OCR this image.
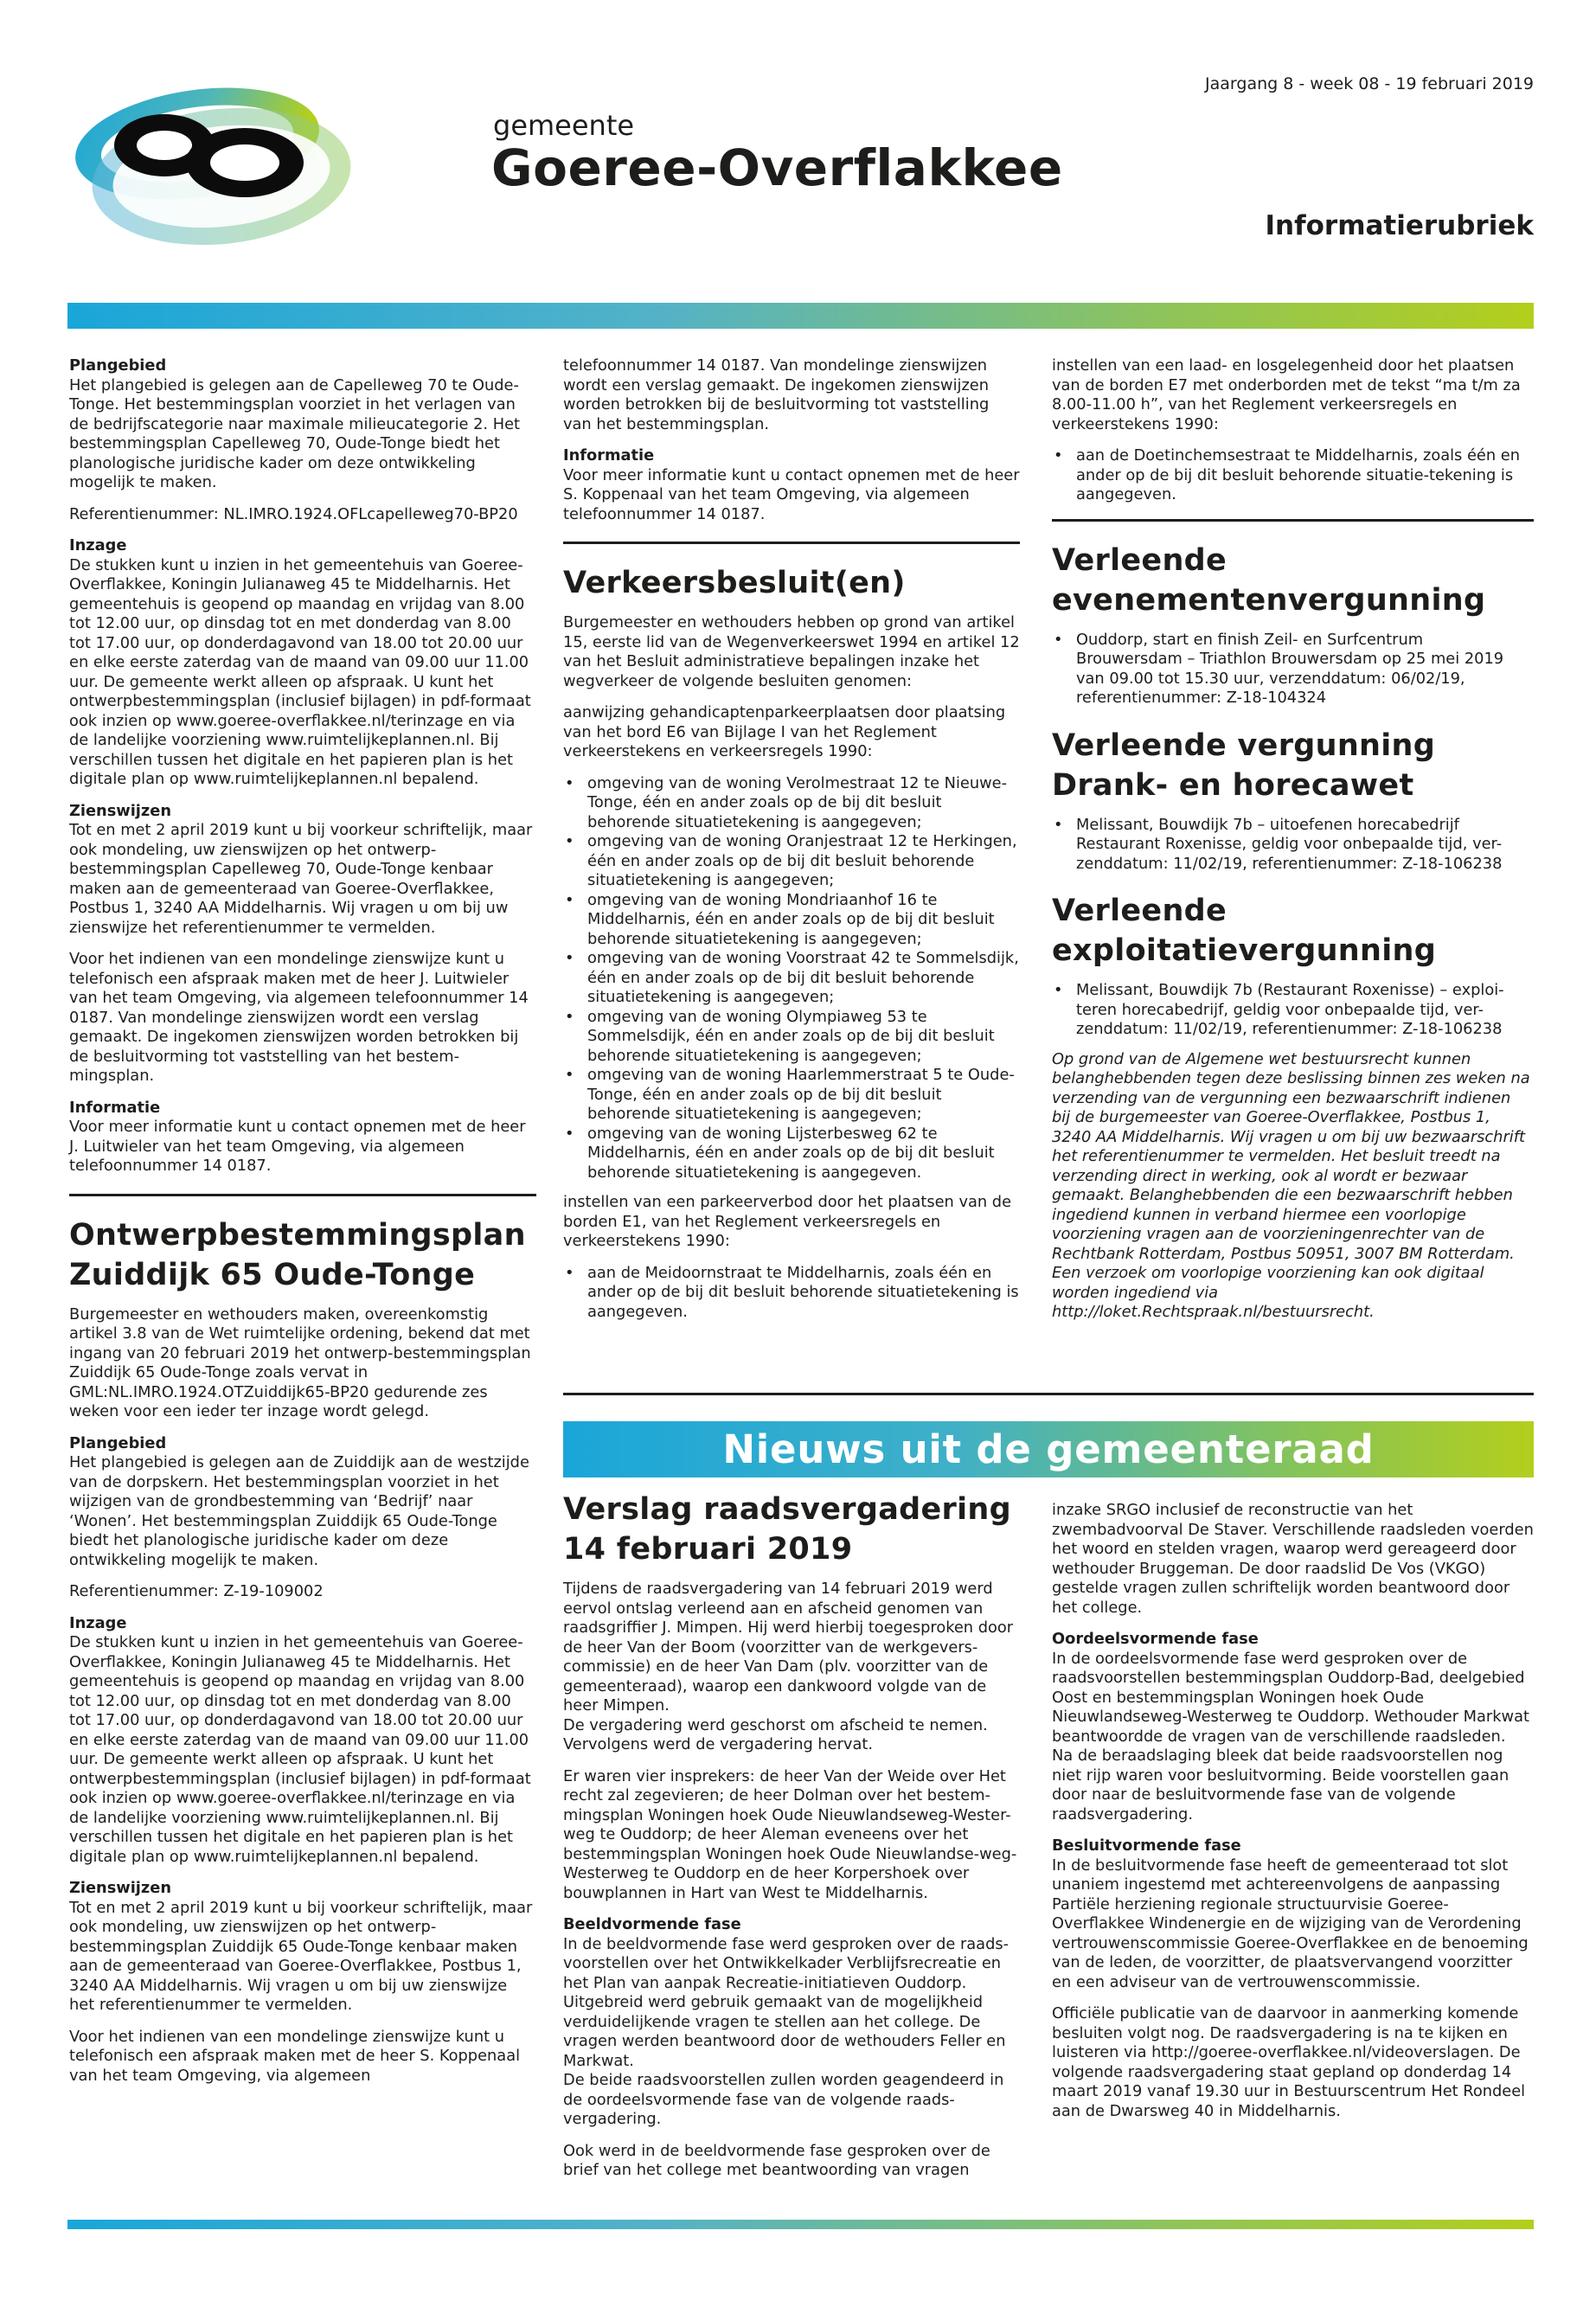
gemeente
Goeree-Overflakkee
Jaargang 8 - week 08 - 19 februari 2019
Informatierubriek

Plangebied
Het plangebied is gelegen aan de Capelleweg 70 te Oude-Tonge. Het bestemmingsplan voorziet in het verlagen van de bedrijfscategorie naar maximale milieucategorie 2. Het bestemmingsplan Capelleweg 70, Oude-Tonge biedt het planologische juridische kader om deze ontwikkeling mogelijk te maken.

Referentienummer: NL.IMRO.1924.OFLcapelleweg70-BP20

Inzage
De stukken kunt u inzien in het gemeentehuis van Goeree-Overflakkee, Koningin Julianaweg 45 te Middelharnis. Het gemeentehuis is geopend op maandag en vrijdag van 8.00 tot 12.00 uur, op dinsdag tot en met donderdag van 8.00 tot 17.00 uur, op donderdagavond van 18.00 tot 20.00 uur en elke eerste zaterdag van de maand van 09.00 uur 11.00 uur. De gemeente werkt alleen op afspraak. U kunt het ontwerpbestemmingsplan (inclusief bijlagen) in pdf-formaat ook inzien op www.goeree-overflakkee.nl/terinzage en via de landelijke voorziening www.ruimtelijkeplannen.nl. Bij verschillen tussen het digitale en het papieren plan is het digitale plan op www.ruimtelijkeplannen.nl bepalend.

Zienswijzen
Tot en met 2 april 2019 kunt u bij voorkeur schriftelijk, maar ook mondeling, uw zienswijzen op het ontwerp-bestemmingsplan Capelleweg 70, Oude-Tonge kenbaar maken aan de gemeenteraad van Goeree-Overflakkee, Postbus 1, 3240 AA Middelharnis. Wij vragen u om bij uw zienswijze het referentienummer te vermelden.

Voor het indienen van een mondelinge zienswijze kunt u telefonisch een afspraak maken met de heer J. Luitwieler van het team Omgeving, via algemeen telefoonnummer 14 0187. Van mondelinge zienswijzen wordt een verslag gemaakt. De ingekomen zienswijzen worden betrokken bij de besluitvorming tot vaststelling van het bestem-mingsplan.

Informatie
Voor meer informatie kunt u contact opnemen met de heer J. Luitwieler van het team Omgeving, via algemeen telefoonnummer 14 0187.

Ontwerpbestemmingsplan Zuiddijk 65 Oude-Tonge

Burgemeester en wethouders maken, overeenkomstig artikel 3.8 van de Wet ruimtelijke ordening, bekend dat met ingang van 20 februari 2019 het ontwerp-bestemmingsplan Zuiddijk 65 Oude-Tonge zoals vervat in GML:NL.IMRO.1924.OTZuiddijk65-BP20 gedurende zes weken voor een ieder ter inzage wordt gelegd.

Plangebied
Het plangebied is gelegen aan de Zuiddijk aan de westzijde van de dorpskern. Het bestemmingsplan voorziet in het wijzigen van de grondbestemming van ‘Bedrijf’ naar ‘Wonen’. Het bestemmingsplan Zuiddijk 65 Oude-Tonge biedt het planologische juridische kader om deze ontwikkeling mogelijk te maken.

Referentienummer: Z-19-109002

Inzage
De stukken kunt u inzien in het gemeentehuis van Goeree-Overflakkee, Koningin Julianaweg 45 te Middelharnis. Het gemeentehuis is geopend op maandag en vrijdag van 8.00 tot 12.00 uur, op dinsdag tot en met donderdag van 8.00 tot 17.00 uur, op donderdagavond van 18.00 tot 20.00 uur en elke eerste zaterdag van de maand van 09.00 uur 11.00 uur. De gemeente werkt alleen op afspraak. U kunt het ontwerpbestemmingsplan (inclusief bijlagen) in pdf-formaat ook inzien op www.goeree-overflakkee.nl/terinzage en via de landelijke voorziening www.ruimtelijkeplannen.nl. Bij verschillen tussen het digitale en het papieren plan is het digitale plan op www.ruimtelijkeplannen.nl bepalend.

Zienswijzen
Tot en met 2 april 2019 kunt u bij voorkeur schriftelijk, maar ook mondeling, uw zienswijzen op het ontwerp-bestemmingsplan Zuiddijk 65 Oude-Tonge kenbaar maken aan de gemeenteraad van Goeree-Overflakkee, Postbus 1, 3240 AA Middelharnis. Wij vragen u om bij uw zienswijze het referentienummer te vermelden.

Voor het indienen van een mondelinge zienswijze kunt u telefonisch een afspraak maken met de heer S. Koppenaal van het team Omgeving, via algemeen

telefoonnummer 14 0187. Van mondelinge zienswijzen wordt een verslag gemaakt. De ingekomen zienswijzen worden betrokken bij de besluitvorming tot vaststelling van het bestemmingsplan.

Informatie
Voor meer informatie kunt u contact opnemen met de heer S. Koppenaal van het team Omgeving, via algemeen telefoonnummer 14 0187.

Verkeersbesluit(en)

Burgemeester en wethouders hebben op grond van artikel 15, eerste lid van de Wegenverkeerswet 1994 en artikel 12 van het Besluit administratieve bepalingen inzake het wegverkeer de volgende besluiten genomen:

aanwijzing gehandicaptenparkeerplaatsen door plaatsing van het bord E6 van Bijlage I van het Reglement verkeerstekens en verkeersregels 1990:

• omgeving van de woning Verolmestraat 12 te Nieuwe-Tonge, één en ander zoals op de bij dit besluit behorende situatietekening is aangegeven;
• omgeving van de woning Oranjestraat 12 te Herkingen, één en ander zoals op de bij dit besluit behorende situatietekening is aangegeven;
• omgeving van de woning Mondriaanhof 16 te Middelharnis, één en ander zoals op de bij dit besluit behorende situatietekening is aangegeven;
• omgeving van de woning Voorstraat 42 te Sommelsdijk, één en ander zoals op de bij dit besluit behorende situatietekening is aangegeven;
• omgeving van de woning Olympiaweg 53 te Sommelsdijk, één en ander zoals op de bij dit besluit behorende situatietekening is aangegeven;
• omgeving van de woning Haarlemmerstraat 5 te Oude-Tonge, één en ander zoals op de bij dit besluit behorende situatietekening is aangegeven;
• omgeving van de woning Lijsterbesweg 62 te Middelharnis, één en ander zoals op de bij dit besluit behorende situatietekening is aangegeven.

instellen van een parkeerverbod door het plaatsen van de borden E1, van het Reglement verkeersregels en verkeerstekens 1990:

• aan de Meidoornstraat te Middelharnis, zoals één en ander op de bij dit besluit behorende situatietekening is aangegeven.

instellen van een laad- en losgelegenheid door het plaatsen van de borden E7 met onderborden met de tekst “ma t/m za 8.00-11.00 h”, van het Reglement verkeersregels en verkeerstekens 1990:

• aan de Doetinchemsestraat te Middelharnis, zoals één en ander op de bij dit besluit behorende situatie-tekening is aangegeven.
Verleende evenementenvergunning
• Ouddorp, start en finish Zeil- en Surfcentrum Brouwersdam – Triathlon Brouwersdam op 25 mei 2019 van 09.00 tot 15.30 uur, verzenddatum: 06/02/19, referentienummer: Z-18-104324
Verleende vergunning Drank- en horecawet
• Melissant, Bouwdijk 7b – uitoefenen horecabedrijf Restaurant Roxenisse, geldig voor onbepaalde tijd, ver-zenddatum: 11/02/19, referentienummer: Z-18-106238
Verleende exploitatievergunning
• Melissant, Bouwdijk 7b (Restaurant Roxenisse) – exploi-teren horecabedrijf, geldig voor onbepaalde tijd, ver-zenddatum: 11/02/19, referentienummer: Z-18-106238

Op grond van de Algemene wet bestuursrecht kunnen belanghebbenden tegen deze beslissing binnen zes weken na verzending van de vergunning een bezwaarschrift indienen bij de burgemeester van Goeree-Overflakkee, Postbus 1, 3240 AA Middelharnis. Wij vragen u om bij uw bezwaarschrift het referentienummer te vermelden. Het besluit treedt na verzending direct in werking, ook al wordt er bezwaar gemaakt. Belanghebbenden die een bezwaarschrift hebben ingediend kunnen in verband hiermee een voorlopige voorziening vragen aan de voorzieningenrechter van de Rechtbank Rotterdam, Postbus 50951, 3007 BM Rotterdam. Een verzoek om voorlopige voorziening kan ook digitaal worden ingediend via http://loket.Rechtspraak.nl/bestuursrecht.

Nieuws uit de gemeenteraad
Verslag raadsvergadering 14 februari 2019

Tijdens de raadsvergadering van 14 februari 2019 werd eervol ontslag verleend aan en afscheid genomen van raadsgriffier J. Mimpen. Hij werd hierbij toegesproken door de heer Van der Boom (voorzitter van de werkgevers-commissie) en de heer Van Dam (plv. voorzitter van de gemeenteraad), waarop een dankwoord volgde van de heer Mimpen.
De vergadering werd geschorst om afscheid te nemen. Vervolgens werd de vergadering hervat.

Er waren vier insprekers: de heer Van der Weide over Het recht zal zegevieren; de heer Dolman over het bestem-mingsplan Woningen hoek Oude Nieuwlandseweg-Wester-weg te Ouddorp; de heer Aleman eveneens over het bestemmingsplan Woningen hoek Oude Nieuwlandse-weg-Westerweg te Ouddorp en de heer Korpershoek over bouwplannen in Hart van West te Middelharnis.

Beeldvormende fase
In de beeldvormende fase werd gesproken over de raads-voorstellen over het Ontwikkelkader Verblijfsrecreatie en het Plan van aanpak Recreatie-initiatieven Ouddorp. Uitgebreid werd gebruik gemaakt van de mogelijkheid verduidelijkende vragen te stellen aan het college. De vragen werden beantwoord door de wethouders Feller en Markwat.
De beide raadsvoorstellen zullen worden geagendeerd in de oordeelsvormende fase van de volgende raads-vergadering.

Ook werd in de beeldvormende fase gesproken over de brief van het college met beantwoording van vragen

inzake SRGO inclusief de reconstructie van het zwembadvoorval De Staver. Verschillende raadsleden voerden het woord en stelden vragen, waarop werd gereageerd door wethouder Bruggeman. De door raadslid De Vos (VKGO) gestelde vragen zullen schriftelijk worden beantwoord door het college.

Oordeelsvormende fase
In de oordeelsvormende fase werd gesproken over de raadsvoorstellen bestemmingsplan Ouddorp-Bad, deelgebied Oost en bestemmingsplan Woningen hoek Oude Nieuwlandseweg-Westerweg te Ouddorp. Wethouder Markwat beantwoordde de vragen van de verschillende raadsleden.
Na de beraadslaging bleek dat beide raadsvoorstellen nog niet rijp waren voor besluitvorming. Beide voorstellen gaan door naar de besluitvormende fase van de volgende raadsvergadering.

Besluitvormende fase
In de besluitvormende fase heeft de gemeenteraad tot slot unaniem ingestemd met achtereenvolgens de aanpassing Partiële herziening regionale structuurvisie Goeree-Overflakkee Windenergie en de wijziging van de Verordening vertrouwenscommissie Goeree-Overflakkee en de benoeming van de leden, de voorzitter, de plaatsvervangend voorzitter en een adviseur van de vertrouwenscommissie.

Officiële publicatie van de daarvoor in aanmerking komende besluiten volgt nog. De raadsvergadering is na te kijken en luisteren via http://goeree-overflakkee.nl/videoverslagen. De volgende raadsvergadering staat gepland op donderdag 14 maart 2019 vanaf 19.30 uur in Bestuurscentrum Het Rondeel aan de Dwarsweg 40 in Middelharnis.
